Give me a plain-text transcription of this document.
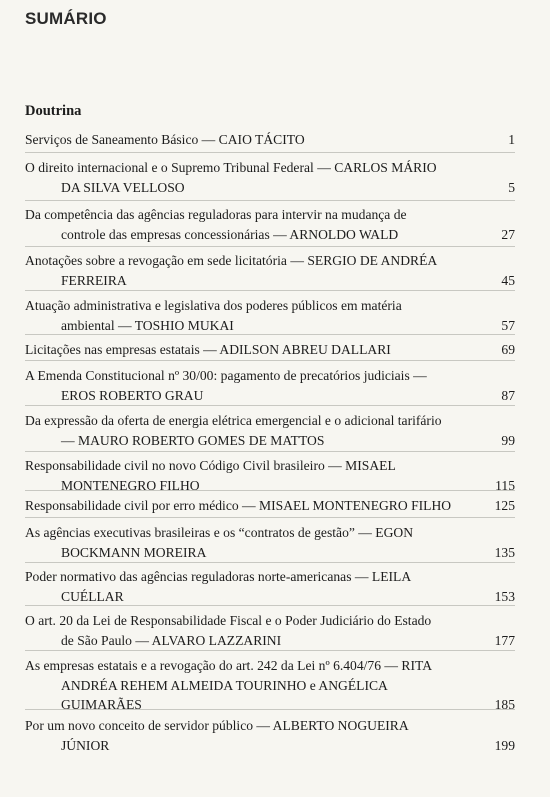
SUMÁRIO
Doutrina
Serviços de Saneamento Básico — CAIO TÁCITO	1
O direito internacional e o Supremo Tribunal Federal — CARLOS MÁRIO
DA SILVA VELLOSO	5
Da competência das agências reguladoras para intervir na mudança de
controle das empresas concessionárias — ARNOLDO WALD	27
Anotações sobre a revogação em sede licitatória — SERGIO DE ANDRÉA
FERREIRA	45
Atuação administrativa e legislativa dos poderes públicos em matéria
ambiental — TOSHIO MUKAI	57
Licitações nas empresas estatais — ADILSON ABREU DALLARI	69
A Emenda Constitucional nº 30/00: pagamento de precatórios judiciais —
EROS ROBERTO GRAU	87
Da expressão da oferta de energia elétrica emergencial e o adicional tarifário
— MAURO ROBERTO GOMES DE MATTOS	99
Responsabilidade civil no novo Código Civil brasileiro — MISAEL
MONTENEGRO FILHO	115
Responsabilidade civil por erro médico — MISAEL MONTENEGRO FILHO	125
As agências executivas brasileiras e os “contratos de gestão” — EGON
BOCKMANN MOREIRA	135
Poder normativo das agências reguladoras norte-americanas — LEILA
CUÉLLAR	153
O art. 20 da Lei de Responsabilidade Fiscal e o Poder Judiciário do Estado
de São Paulo — ALVARO LAZZARINI	177
As empresas estatais e a revogação do art. 242 da Lei nº 6.404/76 — RITA
ANDRÉA REHEM ALMEIDA TOURINHO e ANGÉLICA
GUIMARÃES	185
Por um novo conceito de servidor público — ALBERTO NOGUEIRA
JÚNIOR	199
